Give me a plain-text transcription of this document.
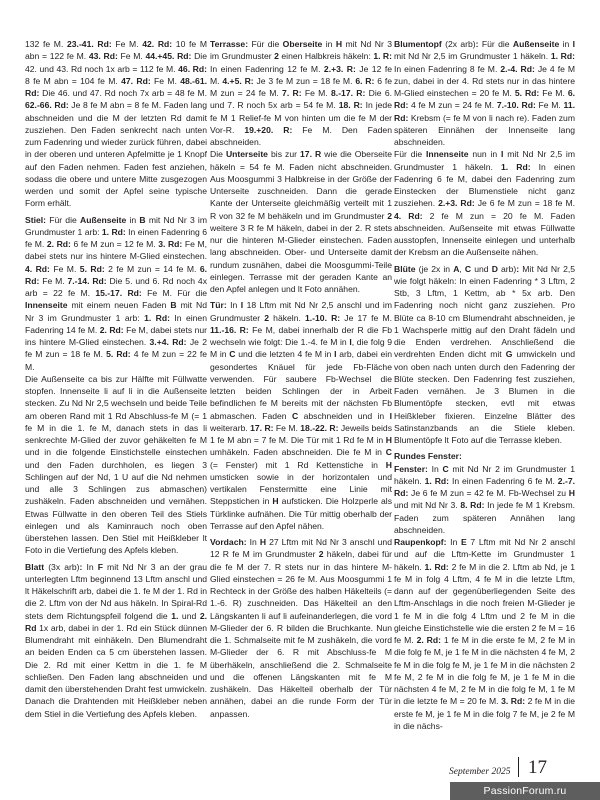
132 fe M. 23.-41. Rd: Fe M. 42. Rd: 10 fe M abn = 122 fe M. 43. Rd: Fe M. 44.+45. Rd: Die 42. und 43. Rd noch 1x arb = 112 fe M. 46. Rd: 8 fe M abn = 104 fe M. 47. Rd: Fe M. 48.-61. Rd: Die 46. und 47. Rd noch 7x arb = 48 fe M. 62.-66. Rd: Je 8 fe M abn = 8 fe M. Faden lang abschneiden und die M der letzten Rd damit zusziehen. Den Faden senkrecht nach unten zum Fadenring und wieder zurück führen, dabei in der oberen und unteren Apfelmitte je 1 Knopf auf den Faden nehmen. Faden fest anziehen, sodass die obere und untere Mitte zusgezogen werden und somit der Apfel seine typische Form erhält.

Stiel: Für die Außenseite in B mit Nd Nr 3 im Grundmuster 1 arb: 1. Rd: In einen Fadenring 6 fe M. 2. Rd: 6 fe M zun = 12 fe M. 3. Rd: Fe M, dabei stets nur ins hintere M-Glied einstechen. 4. Rd: Fe M. 5. Rd: 2 fe M zun = 14 fe M. 6. Rd: Fe M. 7.-14. Rd: Die 5. und 6. Rd noch 4x arb = 22 fe M. 15.-17. Rd: Fe M. Für die Innenseite mit einem neuen Faden B mit Nd Nr 3 im Grundmuster 1 arb: 1. Rd: In einen Fadenring 14 fe M. 2. Rd: Fe M, dabei stets nur ins hintere M-Glied einstechen. 3.+4. Rd: Je 2 fe M zun = 18 fe M. 5. Rd: 4 fe M zun = 22 fe M.

Die Außenseite ca bis zur Hälfte mit Füllwatte stopfen. Innenseite li auf li in die Außenseite stecken. Zu Nd Nr 2,5 wechseln und beide Teile am oberen Rand mit 1 Rd Abschluss-fe M (= 1 fe M in die 1. fe M, danach stets in das li senkrechte M-Glied der zuvor gehäkelten fe M und in die folgende Einstichstelle einstechen und den Faden durchholen, es liegen 3 Schlingen auf der Nd, 1 U auf die Nd nehmen und alle 3 Schlingen zus abmaschen) zushäkeln. Faden abschneiden und vernähen. Etwas Füllwatte in den oberen Teil des Stiels einlegen und als Kaminrauch noch oben überstehen lassen. Den Stiel mit Heißkleber lt Foto in die Vertiefung des Apfels kleben.

Blatt (3x arb): In F mit Nd Nr 3 an der grau unterlegten Lftm beginnend 13 Lftm anschl und lt Häkelschrift arb, dabei die 1. fe M der 1. Rd in die 2. Lftm von der Nd aus häkeln. In Spiral-Rd stets dem Richtungspfeil folgend die 1. und 2. Rd 1x arb, dabei in der 1. Rd ein Stück dünnen Blumendraht mit einhäkeln. Den Blumendraht an beiden Enden ca 5 cm überstehen lassen. Die 2. Rd mit einer Kettm in die 1. fe M schließen. Den Faden lang abschneiden und damit den überstehenden Draht fest umwickeln. Danach die Drahtenden mit Heißkleber neben dem Stiel in die Vertiefung des Apfels kleben.

Terrasse: Für die Oberseite in H mit Nd Nr 3 im Grundmuster 2 einen Halbkreis häkeln: 1. R: In einen Fadenring 12 fe M. 2.+3. R: Je 12 fe M. 4.+5. R: Je 3 fe M zun = 18 fe M. 6. R: 6 fe M zun = 24 fe M. 7. R: Fe M. 8.-17. R: Die 6. und 7. R noch 5x arb = 54 fe M. 18. R: In jede fe M 1 Relief-fe M von hinten um die fe M der Vor-R. 19.+20. R: Fe M. Den Faden abschneiden.

Die Unterseite bis zur 17. R wie die Oberseite häkeln = 54 fe M. Faden nicht abschneiden. Aus Moosgummi 3 Halbkreise in der Größe der Unterseite zuschneiden. Dann die gerade Kante der Unterseite gleichmäßig verteilt mit 1 R von 32 fe M behäkeln und im Grundmuster 2 weitere 3 R fe M häkeln, dabei in der 2. R stets nur die hinteren M-Glieder einstechen. Faden lang abschneiden. Ober- und Unterseite damit rundum zusnähen, dabei die Moosgummi-Teile einlegen. Terrasse mit der geraden Kante an den Apfel anlegen und lt Foto annähen.

Tür: In I 18 Lftm mit Nd Nr 2,5 anschl und im Grundmuster 2 häkeln. 1.-10. R: Je 17 fe M. 11.-16. R: Fe M, dabei innerhalb der R die Fb wechseln wie folgt: Die 1.-4. fe M in I, die folg 9 M in C und die letzten 4 fe M in I arb, dabei ein gesondertes Knäuel für jede Fb-Fläche verwenden. Für saubere Fb-Wechsel die letzten beiden Schlingen der in Arbeit befindlichen fe M bereits mit der nächsten Fb abmaschen. Faden C abschneiden und in I weiterarb. 17. R: Fe M. 18.-22. R: Jeweils beids 1 fe M abn = 7 fe M. Die Tür mit 1 Rd fe M in H umhäkeln. Faden abschneiden. Die fe M in C (= Fenster) mit 1 Rd Kettenstiche in H umsticken sowie in der horizontalen und vertikalen Fenstermitte eine Linie mit Steppstichen in H aufsticken. Die Holzperle als Türklinke aufnähen. Die Tür mittig oberhalb der Terrasse auf den Apfel nähen.

Vordach: In H 27 Lftm mit Nd Nr 3 anschl und 12 R fe M im Grundmuster 2 häkeln, dabei für die fe M der 7. R stets nur in das hintere M-Glied einstechen = 26 fe M. Aus Moosgummi 1 Rechteck in der Größe des halben Häkelteils (= 1.-6. R) zuschneiden. Das Häkelteil an den Längskanten li auf li aufeinanderlegen, die vord M-Glieder der 6. R bilden die Bruchkante. Nun die 1. Schmalseite mit fe M zushäkeln, die vord M-Glieder der 6. R mit Abschluss-fe M überhäkeln, anschließend die 2. Schmalseite und die offenen Längskanten mit fe M zushäkeln. Das Häkelteil oberhalb der Tür annähen, dabei an die runde Form der Tür anpassen.

Blumentopf (2x arb): Für die Außenseite in I mit Nd Nr 2,5 im Grundmuster 1 häkeln. 1. Rd: In einen Fadenring 8 fe M. 2.-4. Rd: Je 4 fe M zun, dabei in der 4. Rd stets nur in das hintere M-Glied einstechen = 20 fe M. 5. Rd: Fe M. 6. Rd: 4 fe M zun = 24 fe M. 7.-10. Rd: Fe M. 11. Rd: Krebsm (= fe M von li nach re). Faden zum späteren Einnähen der Innenseite lang abschneiden.

Für die Innenseite nun in I mit Nd Nr 2,5 im Grundmuster 1 häkeln. 1. Rd: In einen Fadenring 6 fe M, dabei den Fadenring zum Einstecken der Blumenstiele nicht ganz zusziehen. 2.+3. Rd: Je 6 fe M zun = 18 fe M. 4. Rd: 2 fe M zun = 20 fe M. Faden abschneiden. Außenseite mit etwas Füllwatte ausstopfen, Innenseite einlegen und unterhalb der Krebsm an die Außenseite nähen.

Blüte (je 2x in A, C und D arb): Mit Nd Nr 2,5 wie folgt häkeln: In einen Fadenring * 3 Lftm, 2 Stb, 3 Lftm, 1 Kettm, ab * 5x arb. Den Fadenring noch nicht ganz zusziehen. Pro Blüte ca 8-10 cm Blumendraht abschneiden, je 1 Wachsperle mittig auf den Draht fädeln und die Enden verdrehen. Anschließend die verdrehten Enden dicht mit G umwickeln und von oben nach unten durch den Fadenring der Blüte stecken. Den Fadenring fest zusziehen, Faden vernähen. Je 3 Blumen in die Blumentöpfe stecken, evtl mit etwas Heißkleber fixieren. Einzelne Blätter des Satinstanzbands an die Stiele kleben. Blumentöpfe lt Foto auf die Terrasse kleben.

Rundes Fenster:

Fenster: In C mit Nd Nr 2 im Grundmuster 1 häkeln. 1. Rd: In einen Fadenring 6 fe M. 2.-7. Rd: Je 6 fe M zun = 42 fe M. Fb-Wechsel zu H und mit Nd Nr 3. 8. Rd: In jede fe M 1 Krebsm. Faden zum späteren Annähen lang abschneiden.

Raupenkopf: In E 7 Lftm mit Nd Nr 2 anschl und auf die Lftm-Kette im Grundmuster 1 häkeln. 1. Rd: 2 fe M in die 2. Lftm ab Nd, je 1 fe M in folg 4 Lftm, 4 fe M in die letzte Lftm, dann auf der gegenüberliegenden Seite des Lftm-Anschlags in die noch freien M-Glieder je 1 fe M in die folg 4 Lftm und 2 fe M in die gleiche Einstichstelle wie die ersten 2 fe M = 16 fe M. 2. Rd: 1 fe M in die erste fe M, 2 fe M in die folg fe M, je 1 fe M in die nächsten 4 fe M, 2 fe M in die folg fe M, je 1 fe M in die nächsten 2 fe M, 2 fe M in die folg fe M, je 1 fe M in die nächsten 4 fe M, 2 fe M in die folg fe M, 1 fe M in die letzte fe M = 20 fe M. 3. Rd: 2 fe M in die erste fe M, je 1 fe M in die folg 7 fe M, je 2 fe M in die nächs-

September 2025 17
PassionForum.ru
